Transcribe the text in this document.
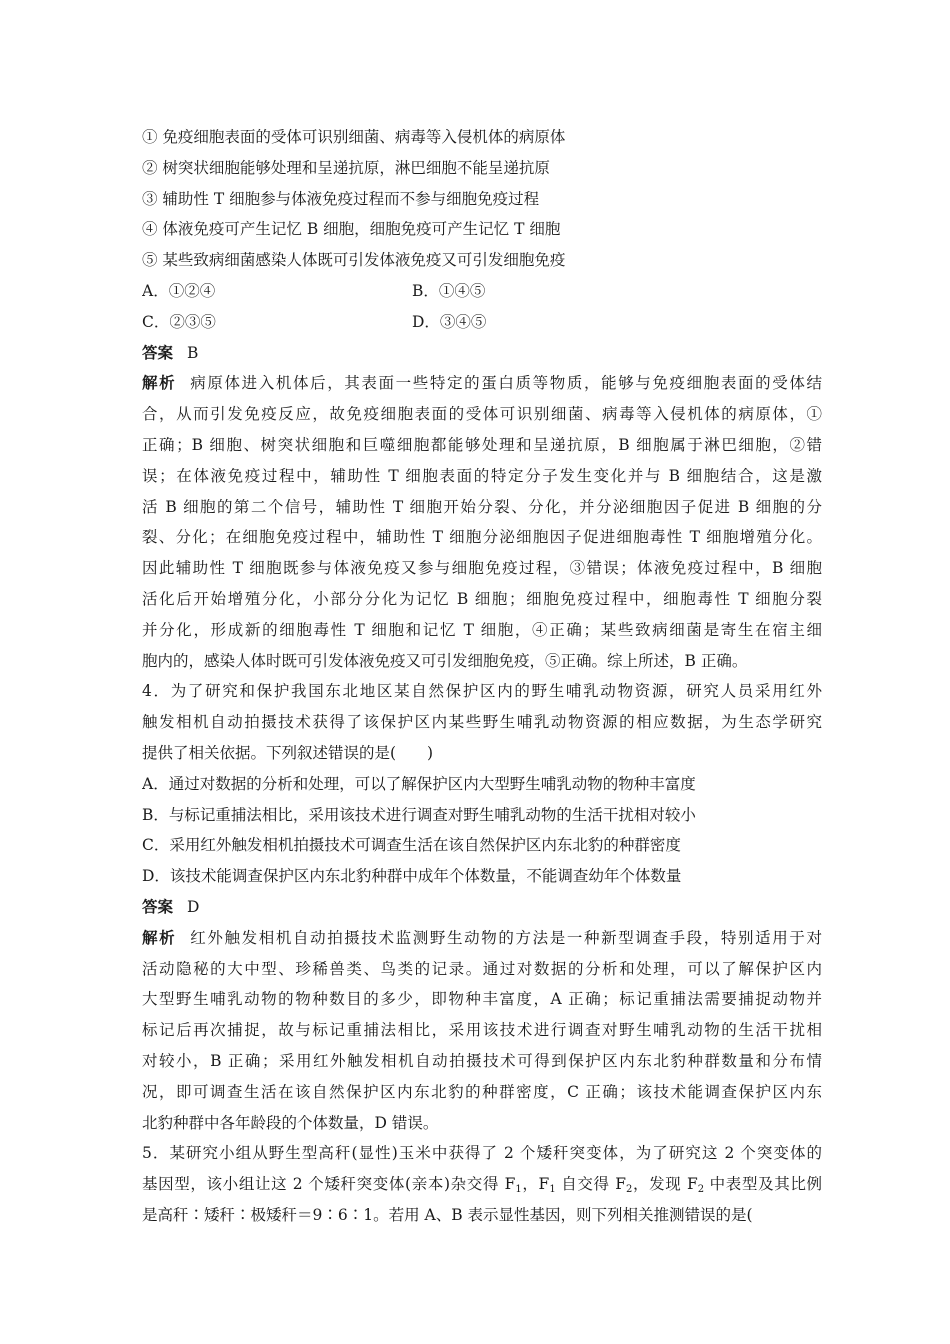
① 免疫细胞表面的受体可识别细菌、病毒等入侵机体的病原体
② 树突状细胞能够处理和呈递抗原，淋巴细胞不能呈递抗原
③ 辅助性 T 细胞参与体液免疫过程而不参与细胞免疫过程
④ 体液免疫可产生记忆 B 细胞，细胞免疫可产生记忆 T 细胞
⑤ 某些致病细菌感染人体既可引发体液免疫又可引发细胞免疫
A．①②④	B．①④⑤
C．②③⑤	D．③④⑤
答案 B
解析 病原体进入机体后，其表面一些特定的蛋白质等物质，能够与免疫细胞表面的受体结
合，从而引发免疫反应，故免疫细胞表面的受体可识别细菌、病毒等入侵机体的病原体，①
正确；B 细胞、树突状细胞和巨噬细胞都能够处理和呈递抗原，B 细胞属于淋巴细胞，②错
误；在体液免疫过程中，辅助性 T 细胞表面的特定分子发生变化并与 B 细胞结合，这是激
活 B 细胞的第二个信号，辅助性 T 细胞开始分裂、分化，并分泌细胞因子促进 B 细胞的分
裂、分化；在细胞免疫过程中，辅助性 T 细胞分泌细胞因子促进细胞毒性 T 细胞增殖分化。
因此辅助性 T 细胞既参与体液免疫又参与细胞免疫过程，③错误；体液免疫过程中，B 细胞
活化后开始增殖分化，小部分分化为记忆 B 细胞；细胞免疫过程中，细胞毒性 T 细胞分裂
并分化，形成新的细胞毒性 T 细胞和记忆 T 细胞，④正确；某些致病细菌是寄生在宿主细
胞内的，感染人体时既可引发体液免疫又可引发细胞免疫，⑤正确。综上所述，B 正确。
4．为了研究和保护我国东北地区某自然保护区内的野生哺乳动物资源，研究人员采用红外
触发相机自动拍摄技术获得了该保护区内某些野生哺乳动物资源的相应数据，为生态学研究
提供了相关依据。下列叙述错误的是(　　)
A．通过对数据的分析和处理，可以了解保护区内大型野生哺乳动物的物种丰富度
B．与标记重捕法相比，采用该技术进行调查对野生哺乳动物的生活干扰相对较小
C．采用红外触发相机拍摄技术可调查生活在该自然保护区内东北豹的种群密度
D．该技术能调查保护区内东北豹种群中成年个体数量，不能调查幼年个体数量
答案 D
解析 红外触发相机自动拍摄技术监测野生动物的方法是一种新型调查手段，特别适用于对
活动隐秘的大中型、珍稀兽类、鸟类的记录。通过对数据的分析和处理，可以了解保护区内
大型野生哺乳动物的物种数目的多少，即物种丰富度，A 正确；标记重捕法需要捕捉动物并
标记后再次捕捉，故与标记重捕法相比，采用该技术进行调查对野生哺乳动物的生活干扰相
对较小，B 正确；采用红外触发相机自动拍摄技术可得到保护区内东北豹种群数量和分布情
况，即可调查生活在该自然保护区内东北豹的种群密度，C 正确；该技术能调查保护区内东
北豹种群中各年龄段的个体数量，D 错误。
5．某研究小组从野生型高秆(显性)玉米中获得了 2 个矮秆突变体，为了研究这 2 个突变体的
基因型，该小组让这 2 个矮秆突变体(亲本)杂交得 $F_1$，$F_1$ 自交得 $F_2$，发现 $F_2$ 中表型及其比例
是高秆∶矮秆∶极矮秆＝9∶6∶1。若用 A、B 表示显性基因，则下列相关推测错误的是(
